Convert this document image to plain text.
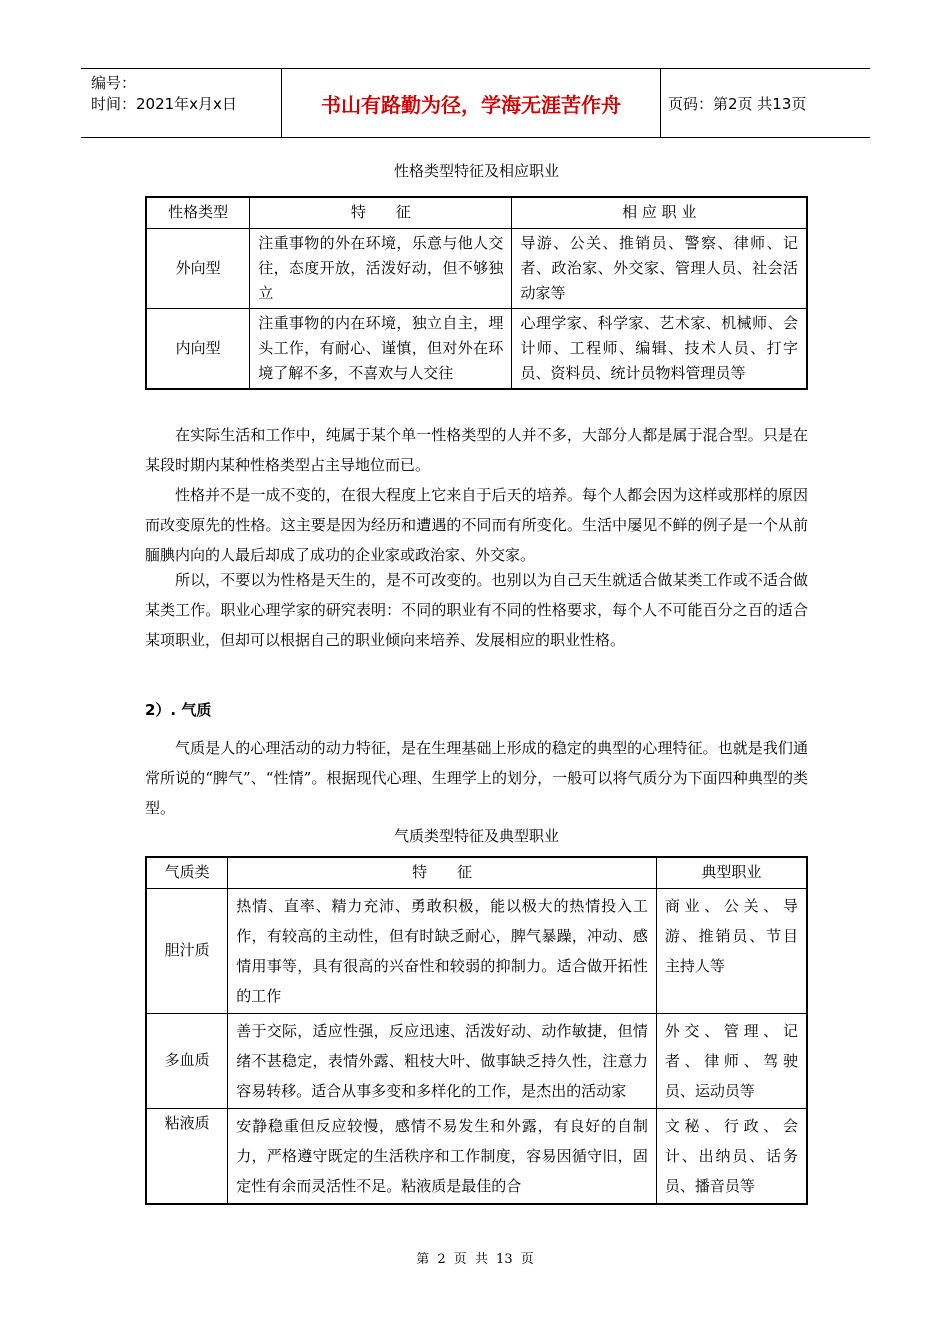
编号：
时间：2021年x月x日	书山有路勤为径，学海无涯苦作舟	页码：第2页 共13页
性格类型特征及相应职业
性格类型	特　　征	相 应 职 业
外向型	注重事物的外在环境，乐意与他人交往，态度开放，活泼好动，但不够独立	导游、公关、推销员、警察、律师、记者、政治家、外交家、管理人员、社会活动家等
内向型	注重事物的内在环境，独立自主，埋头工作，有耐心、谨慎，但对外在环境了解不多，不喜欢与人交往	心理学家、科学家、艺术家、机械师、会计师、工程师、编辑、技术人员、打字员、资料员、统计员物料管理员等

在实际生活和工作中，纯属于某个单一性格类型的人并不多，大部分人都是属于混合型。只是在某段时期内某种性格类型占主导地位而已。

性格并不是一成不变的，在很大程度上它来自于后天的培养。每个人都会因为这样或那样的原因而改变原先的性格。这主要是因为经历和遭遇的不同而有所变化。生活中屡见不鲜的例子是一个从前腼腆内向的人最后却成了成功的企业家或政治家、外交家。

所以，不要以为性格是天生的，是不可改变的。也别以为自己天生就适合做某类工作或不适合做某类工作。职业心理学家的研究表明：不同的职业有不同的性格要求，每个人不可能百分之百的适合某项职业，但却可以根据自己的职业倾向来培养、发展相应的职业性格。

2）. 气质

气质是人的心理活动的动力特征，是在生理基础上形成的稳定的典型的心理特征。也就是我们通常所说的“脾气”、“性情”。根据现代心理、生理学上的划分，一般可以将气质分为下面四种典型的类型。

气质类型特征及典型职业
气质类	特　　征	典型职业
胆汁质	热情、直率、精力充沛、勇敢积极，能以极大的热情投入工作，有较高的主动性，但有时缺乏耐心，脾气暴躁，冲动、感情用事等，具有很高的兴奋性和较弱的抑制力。适合做开拓性的工作	商业、公关、导游、推销员、节目主持人等
多血质	善于交际，适应性强，反应迅速、活泼好动、动作敏捷，但情绪不甚稳定，表情外露、粗枝大叶、做事缺乏持久性，注意力容易转移。适合从事多变和多样化的工作，是杰出的活动家	外交、管理、记者、律师、驾驶员、运动员等
粘液质	安静稳重但反应较慢，感情不易发生和外露，有良好的自制力，严格遵守既定的生活秩序和工作制度，容易因循守旧，固定性有余而灵活性不足。粘液质是最佳的合	文秘、行政、会计、出纳员、话务员、播音员等
第 2 页 共 13 页
